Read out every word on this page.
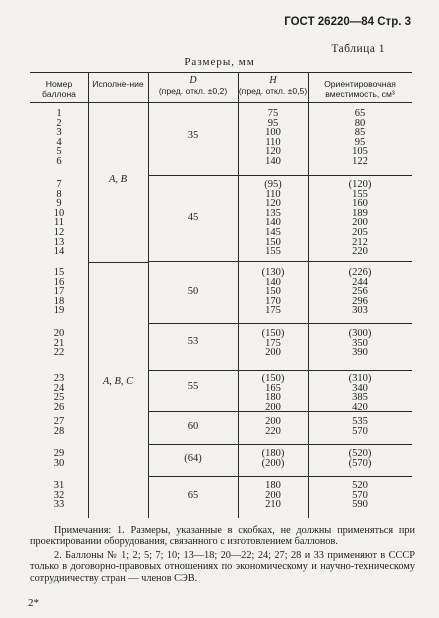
ГОСТ 26220—84 Стр. 3
Таблица 1
Размеры, мм
Номер баллона
Исполне-ние	D
(пред. откл. ±0,2)
H
(пред. откл. ±0,5)
Ориентировочная вместимость, см³
1
2
3
4
5
6
7
8
9
10
11
12
13
14
15
16
17
18
19
20
21
22
23
24
25
26
27
28
29
30
31
32
33
А, В
А, В, С
35
45
50
53
55
60
(64)
65
75
95
100
110
120
140
(95)
110
120
135
140
145
150
155
(130)
140
150
170
175
(150)
175
200
(150)
165
180
200
200
220
(180)
(200)
180
200
210
65
80
85
95
105
122
(120)
155
160
189
200
205
212
220
(226)
244
256
296
303
(300)
350
390
(310)
340
385
420
535
570
(520)
(570)
520
570
590

Примечания: 1. Размеры, указанные в скобках, не должны применяться при проектировании оборудования, связанного с изготовлением баллонов.

2. Баллоны № 1; 2; 5; 7; 10; 13—18; 20—22; 24; 27; 28 и 33 применяют в СССР только в договорно-правовых отношениях по экономическому и научно-техническому сотрудничеству стран — членов СЭВ.

2*
